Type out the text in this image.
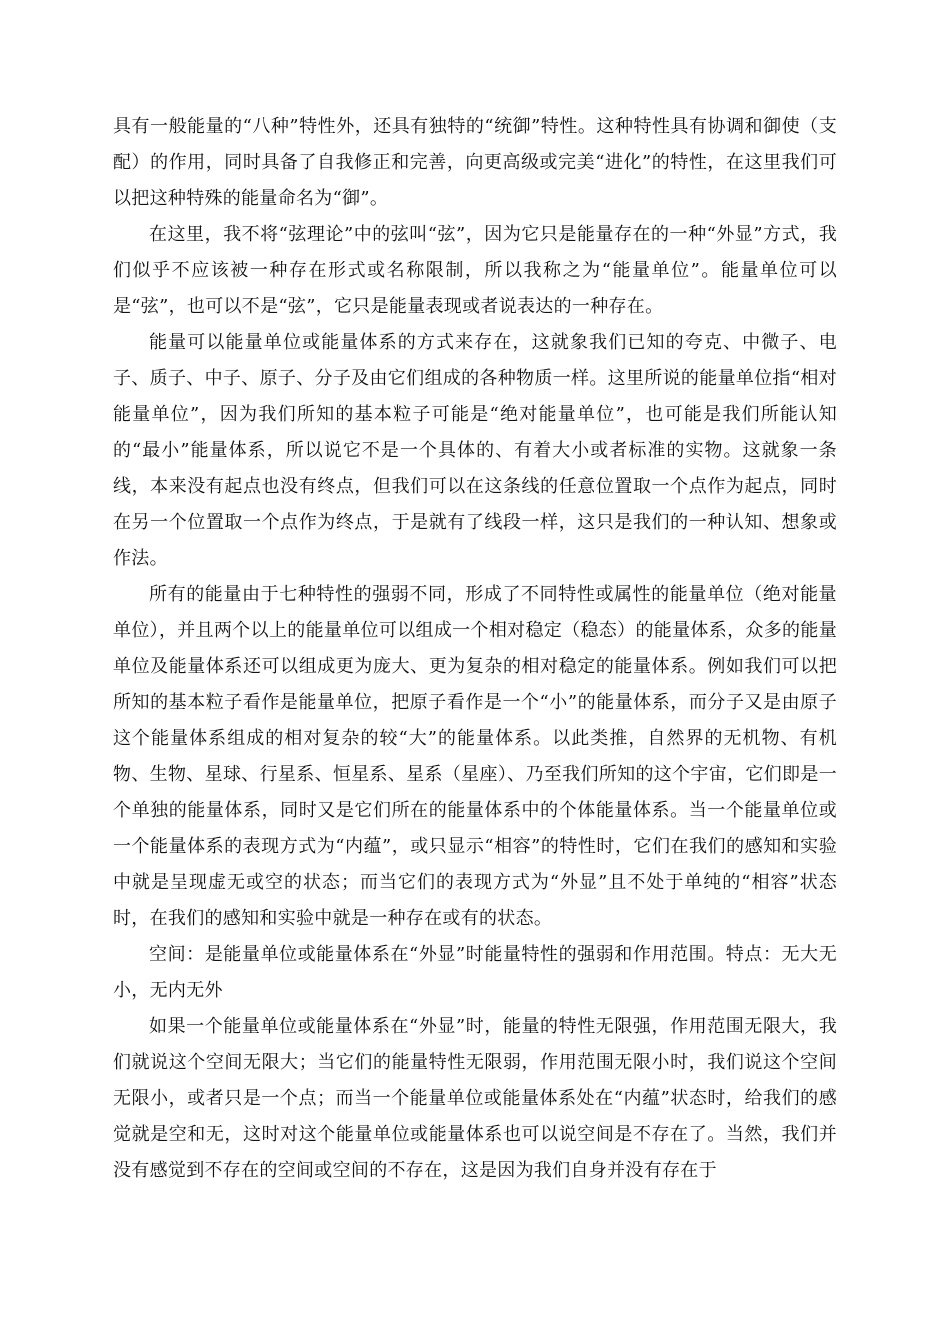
具有一般能量的“八种”特性外，还具有独特的“统御”特性。这种特性具有协调和御使（支配）的作用，同时具备了自我修正和完善，向更高级或完美“进化”的特性，在这里我们可以把这种特殊的能量命名为“御”。

在这里，我不将“弦理论”中的弦叫“弦”，因为它只是能量存在的一种“外显”方式，我们似乎不应该被一种存在形式或名称限制，所以我称之为“能量单位”。能量单位可以是“弦”，也可以不是“弦”，它只是能量表现或者说表达的一种存在。

能量可以能量单位或能量体系的方式来存在，这就象我们已知的夸克、中微子、电子、质子、中子、原子、分子及由它们组成的各种物质一样。这里所说的能量单位指“相对能量单位”，因为我们所知的基本粒子可能是“绝对能量单位”，也可能是我们所能认知的“最小”能量体系，所以说它不是一个具体的、有着大小或者标准的实物。这就象一条线，本来没有起点也没有终点，但我们可以在这条线的任意位置取一个点作为起点，同时在另一个位置取一个点作为终点，于是就有了线段一样，这只是我们的一种认知、想象或作法。

所有的能量由于七种特性的强弱不同，形成了不同特性或属性的能量单位（绝对能量单位），并且两个以上的能量单位可以组成一个相对稳定（稳态）的能量体系，众多的能量单位及能量体系还可以组成更为庞大、更为复杂的相对稳定的能量体系。例如我们可以把所知的基本粒子看作是能量单位，把原子看作是一个“小”的能量体系，而分子又是由原子这个能量体系组成的相对复杂的较“大”的能量体系。以此类推，自然界的无机物、有机物、生物、星球、行星系、恒星系、星系（星座）、乃至我们所知的这个宇宙，它们即是一个单独的能量体系，同时又是它们所在的能量体系中的个体能量体系。当一个能量单位或一个能量体系的表现方式为“内蕴”，或只显示“相容”的特性时，它们在我们的感知和实验中就是呈现虚无或空的状态；而当它们的表现方式为“外显”且不处于单纯的“相容”状态时，在我们的感知和实验中就是一种存在或有的状态。

空间：是能量单位或能量体系在“外显”时能量特性的强弱和作用范围。特点：无大无小，无内无外

如果一个能量单位或能量体系在“外显”时，能量的特性无限强，作用范围无限大，我们就说这个空间无限大；当它们的能量特性无限弱，作用范围无限小时，我们说这个空间无限小，或者只是一个点；而当一个能量单位或能量体系处在“内蕴”状态时，给我们的感觉就是空和无，这时对这个能量单位或能量体系也可以说空间是不存在了。当然，我们并没有感觉到不存在的空间或空间的不存在，这是因为我们自身并没有存在于
